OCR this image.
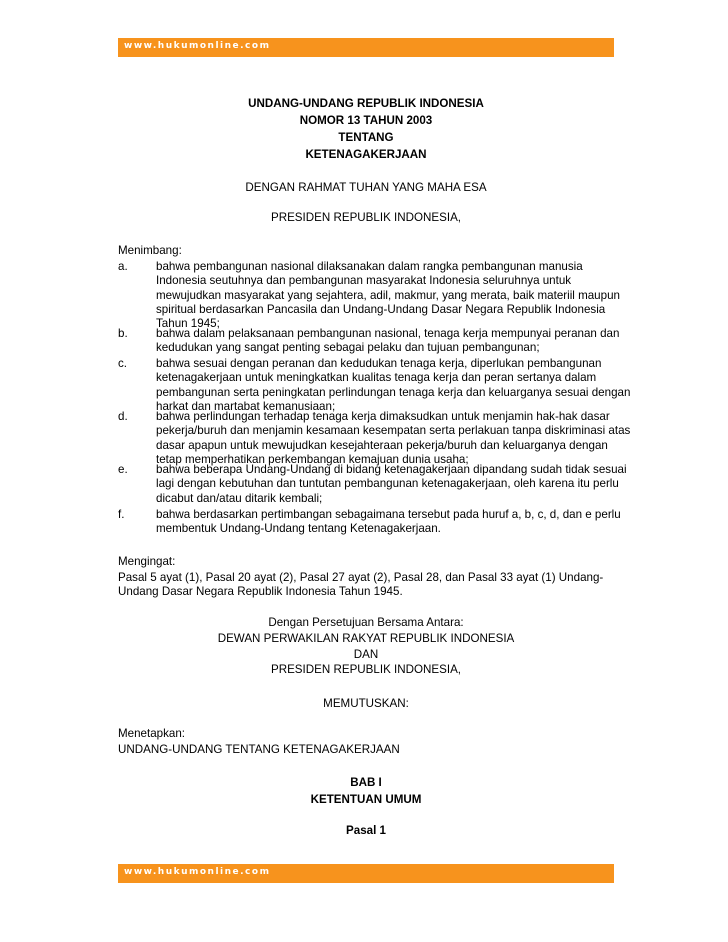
www.hukumonline.com
UNDANG-UNDANG REPUBLIK INDONESIA
NOMOR 13 TAHUN 2003
TENTANG
KETENAGAKERJAAN
DENGAN RAHMAT TUHAN YANG MAHA ESA
PRESIDEN REPUBLIK INDONESIA,
Menimbang:
a.	bahwa pembangunan nasional dilaksanakan dalam rangka pembangunan manusia
Indonesia seutuhnya dan pembangunan masyarakat Indonesia seluruhnya untuk
mewujudkan masyarakat yang sejahtera, adil, makmur, yang merata, baik materiil maupun
spiritual berdasarkan Pancasila dan Undang-Undang Dasar Negara Republik Indonesia
Tahun 1945;
b.	bahwa dalam pelaksanaan pembangunan nasional, tenaga kerja mempunyai peranan dan
kedudukan yang sangat penting sebagai pelaku dan tujuan pembangunan;
c.	bahwa sesuai dengan peranan dan kedudukan tenaga kerja, diperlukan pembangunan
ketenagakerjaan untuk meningkatkan kualitas tenaga kerja dan peran sertanya dalam
pembangunan serta peningkatan perlindungan tenaga kerja dan keluarganya sesuai dengan
harkat dan martabat kemanusiaan;
d.	bahwa perlindungan terhadap tenaga kerja dimaksudkan untuk menjamin hak-hak dasar
pekerja/buruh dan menjamin kesamaan kesempatan serta perlakuan tanpa diskriminasi atas
dasar apapun untuk mewujudkan kesejahteraan pekerja/buruh dan keluarganya dengan
tetap memperhatikan perkembangan kemajuan dunia usaha;
e.	bahwa beberapa Undang-Undang di bidang ketenagakerjaan dipandang sudah tidak sesuai
lagi dengan kebutuhan dan tuntutan pembangunan ketenagakerjaan, oleh karena itu perlu
dicabut dan/atau ditarik kembali;
f.	bahwa berdasarkan pertimbangan sebagaimana tersebut pada huruf a, b, c, d, dan e perlu
membentuk Undang-Undang tentang Ketenagakerjaan.
Mengingat:
Pasal 5 ayat (1), Pasal 20 ayat (2), Pasal 27 ayat (2), Pasal 28, dan Pasal 33 ayat (1) Undang-
Undang Dasar Negara Republik Indonesia Tahun 1945.
Dengan Persetujuan Bersama Antara:
DEWAN PERWAKILAN RAKYAT REPUBLIK INDONESIA
DAN
PRESIDEN REPUBLIK INDONESIA,
MEMUTUSKAN:
Menetapkan:
UNDANG-UNDANG TENTANG KETENAGAKERJAAN
BAB I
KETENTUAN UMUM
Pasal 1
www.hukumonline.com
